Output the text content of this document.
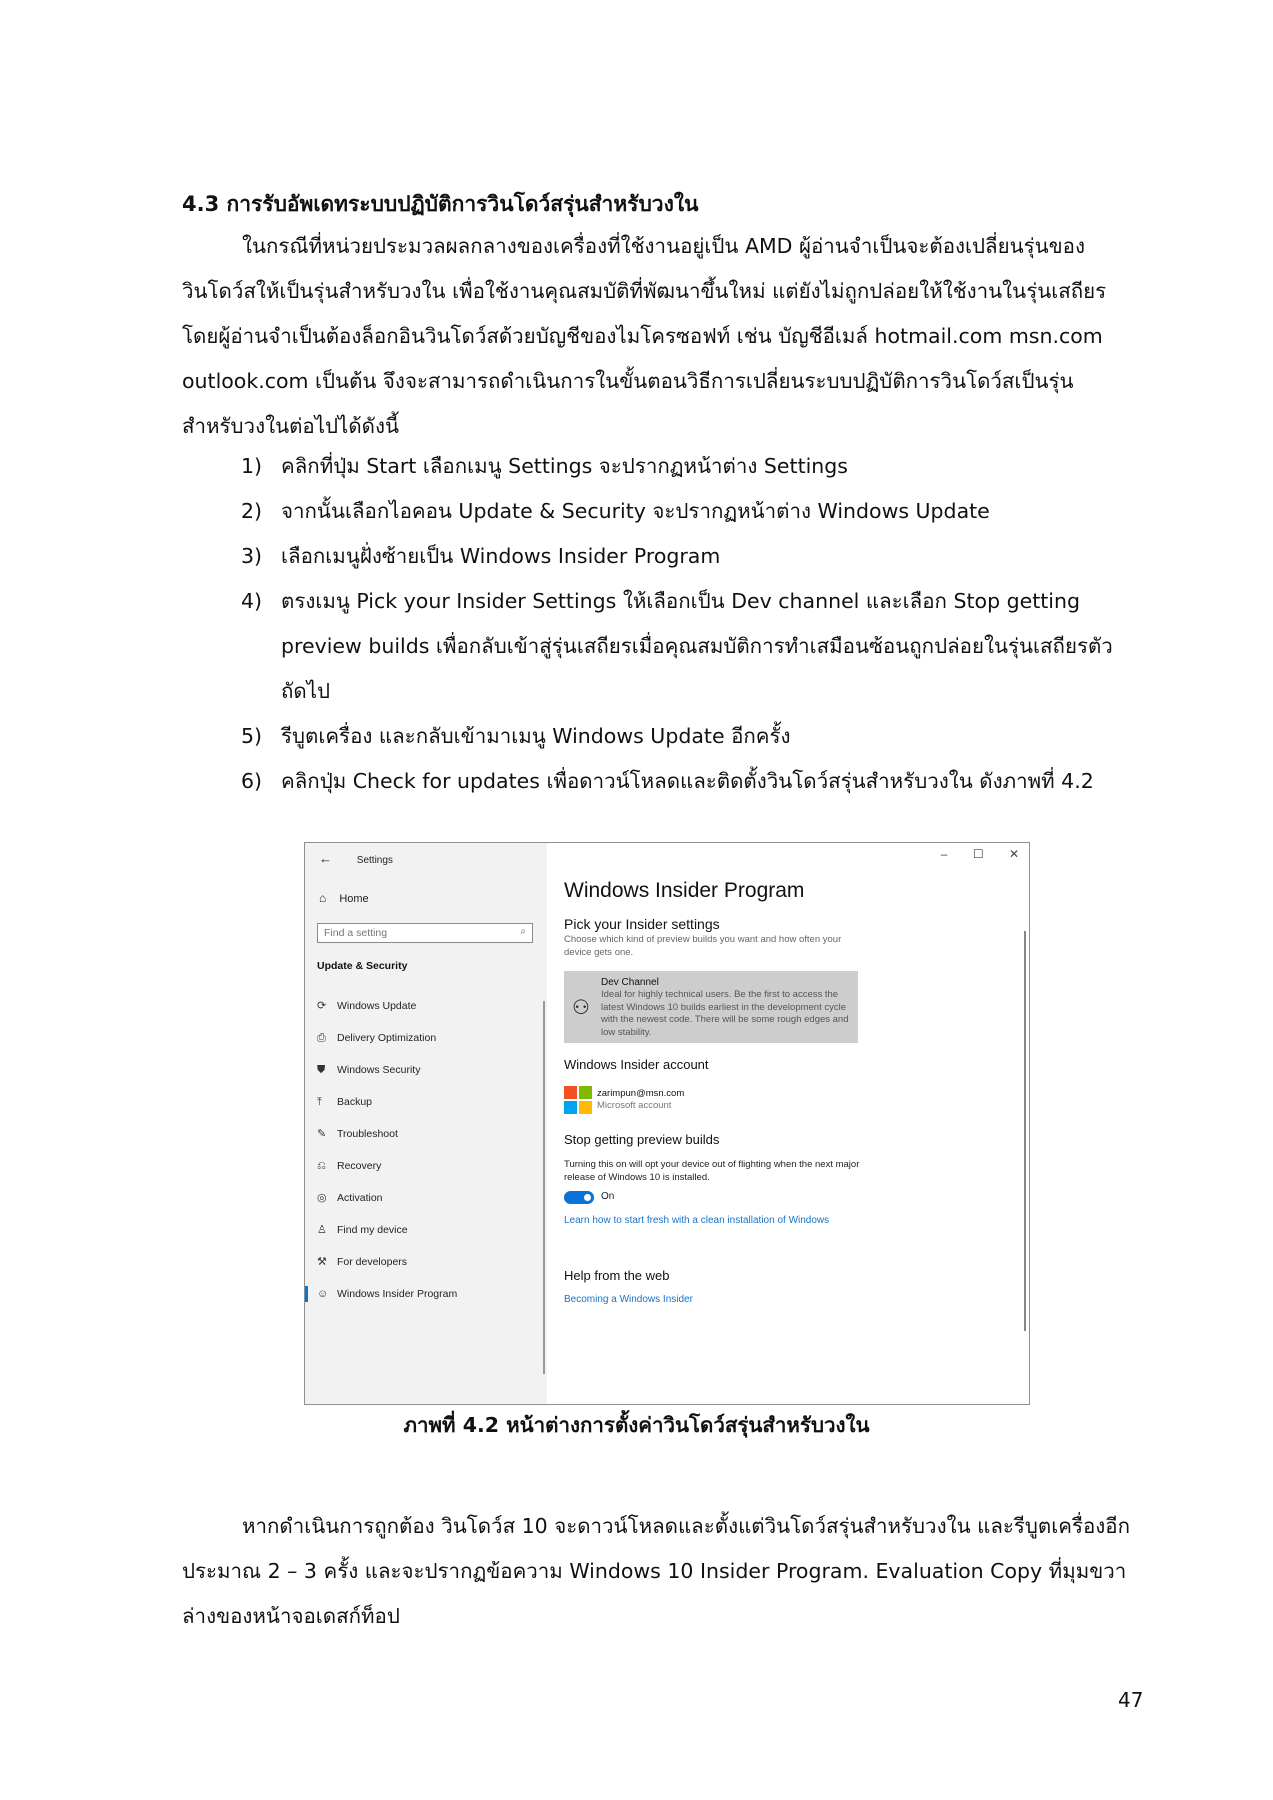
4.3 การรับอัพเดทระบบปฏิบัติการวินโดว์สรุ่นสำหรับวงใน
ในกรณีที่หน่วยประมวลผลกลางของเครื่องที่ใช้งานอยู่เป็น AMD ผู้อ่านจำเป็นจะต้องเปลี่ยนรุ่นของ
วินโดว์สให้เป็นรุ่นสำหรับวงใน เพื่อใช้งานคุณสมบัติที่พัฒนาขึ้นใหม่ แต่ยังไม่ถูกปล่อยให้ใช้งานในรุ่นเสถียร
โดยผู้อ่านจำเป็นต้องล็อกอินวินโดว์สด้วยบัญชีของไมโครซอฟท์ เช่น บัญชีอีเมล์ hotmail.com msn.com
outlook.com เป็นต้น จึงจะสามารถดำเนินการในขั้นตอนวิธีการเปลี่ยนระบบปฏิบัติการวินโดว์สเป็นรุ่น
สำหรับวงในต่อไปได้ดังนี้
1) คลิกที่ปุ่ม Start เลือกเมนู Settings จะปรากฏหน้าต่าง Settings
2) จากนั้นเลือกไอคอน Update & Security จะปรากฏหน้าต่าง Windows Update
3) เลือกเมนูฝั่งซ้ายเป็น Windows Insider Program
4) ตรงเมนู Pick your Insider Settings ให้เลือกเป็น Dev channel และเลือก Stop getting
preview builds เพื่อกลับเข้าสู่รุ่นเสถียรเมื่อคุณสมบัติการทำเสมือนซ้อนถูกปล่อยในรุ่นเสถียรตัว
ถัดไป
5) รีบูตเครื่อง และกลับเข้ามาเมนู Windows Update อีกครั้ง
6) คลิกปุ่ม Check for updates เพื่อดาวน์โหลดและติดตั้งวินโดว์สรุ่นสำหรับวงใน ดังภาพที่ 4.2
← Settings
⌂ Home
Find a setting
⌕
Update & Security
⟳ Windows Update
⎙ Delivery Optimization
⛊ Windows Security
⤒ Backup
✎ Troubleshoot
⎌ Recovery
◎ Activation
♙ Find my device
⚒ For developers
☺ Windows Insider Program
– ☐ ✕
Windows Insider Program
Pick your Insider settings
Choose which kind of preview builds you want and how often your device gets one.
⚇
Dev Channel
Ideal for highly technical users. Be the first to access the latest Windows 10 builds earliest in the development cycle with the newest code. There will be some rough edges and low stability.
Windows Insider account
zarimpun@msn.com
Microsoft account
Stop getting preview builds
Turning this on will opt your device out of flighting when the next major release of Windows 10 is installed.
On
Learn how to start fresh with a clean installation of Windows
Help from the web
Becoming a Windows Insider
ภาพที่ 4.2 หน้าต่างการตั้งค่าวินโดว์สรุ่นสำหรับวงใน
หากดำเนินการถูกต้อง วินโดว์ส 10 จะดาวน์โหลดและตั้งแต่วินโดว์สรุ่นสำหรับวงใน และรีบูตเครื่องอีก
ประมาณ 2 – 3 ครั้ง และจะปรากฏข้อความ Windows 10 Insider Program. Evaluation Copy ที่มุมขวา
ล่างของหน้าจอเดสก์ท็อป
47
